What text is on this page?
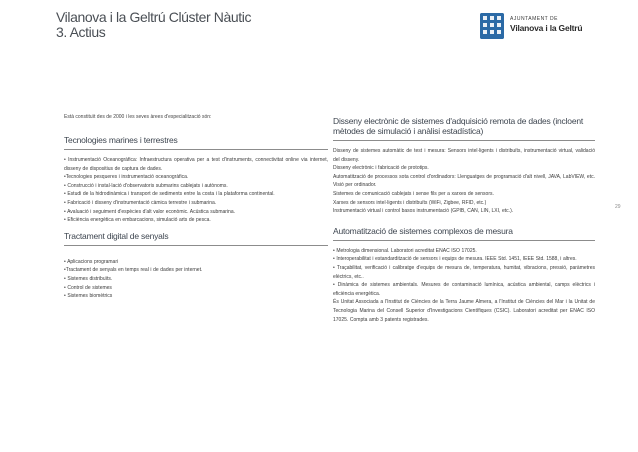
Vilanova i la Geltrú Clúster Nàutic
3. Actius
AJUNTAMENT DE
Vilanova i la Geltrú
29
Està constituït des de 2000 i les seves àrees d'especialització són:
Tecnologies marines i terrestres
• Instrumentació Oceanogràfica: Infraestructura operativa per a test d'instruments, connectivitat online via internet, disseny de dispositius de captura de dades.
•Tecnologies pesqueres i instrumentació oceanogràfica.
• Construcció i instal·lació d'observatoris submarins cablejats i autònoms.
• Estudi de la hidrodinàmica i transport de sediments entre la costa i la plataforma continental.
• Fabricació i disseny d'instrumentació càmica terrestre i submarina.
• Avaluació i seguiment d'espècies d'alt valor econòmic. Acústica submarina.
• Eficiència energètica en embarcacions, simulació arts de pesca.
Tractament digital de senyals
• Aplicacions programari
•Tractament de senyals en temps real i de dades per internet.
• Sistemes distribuïts.
• Control de sistemes
• Sistemes biomètrics
Disseny electrònic de sistemes d'adquisició remota de dades (incloent mètodes de simulació i anàlisi estadística)
Disseny de sistemes automàtic de test i mesura: Sensors intel·ligents i distribuïts, instrumentació virtual, validació del disseny.
Disseny electrònic i fabricació de prototips.
Automatització de processos sota control d'ordinadors: Llenguatges de programació d'alt nivell, JAVA, LabVIEW, etc. Visió per ordinador.
Sistemes de comunicació cablejats i sense fils per a xarxes de sensors.
Xarxes de sensors intel·ligents i distribuïts (WiFi, Zigbee, RFID, etc.)
Instrumentació virtual i control basos instrumentació (GPIB, CAN, LIN, LXI, etc.).
Automatització de sistemes complexos de mesura
• Metrologia dimensional. Laboratori acreditat ENAC ISO 17025.
• Interoperabilitat i estandardització de sensors i equips de mesura. IEEE Std. 1451, IEEE Std. 1588, i altres.
• Traçabilitat, verificació i calibratge d'equips de mesura de, temperatura, humitat, vibracions, pressió, paràmetres elèctrics, etc..
• Dinàmica de sistemes ambientals. Mesures de contaminació lumínica, acústica ambiental, camps elèctrics i eficiència energètica.
És Unitat Associada a l'Institut de Ciències de la Terra Jaume Almera, a l'Institut de Ciències del Mar i la Unitat de Tecnologia Marina del Consell Superior d'Investigacions Científiques (CSIC). Laboratori acreditat per ENAC ISO 17025. Compta amb 3 patents registrades.
